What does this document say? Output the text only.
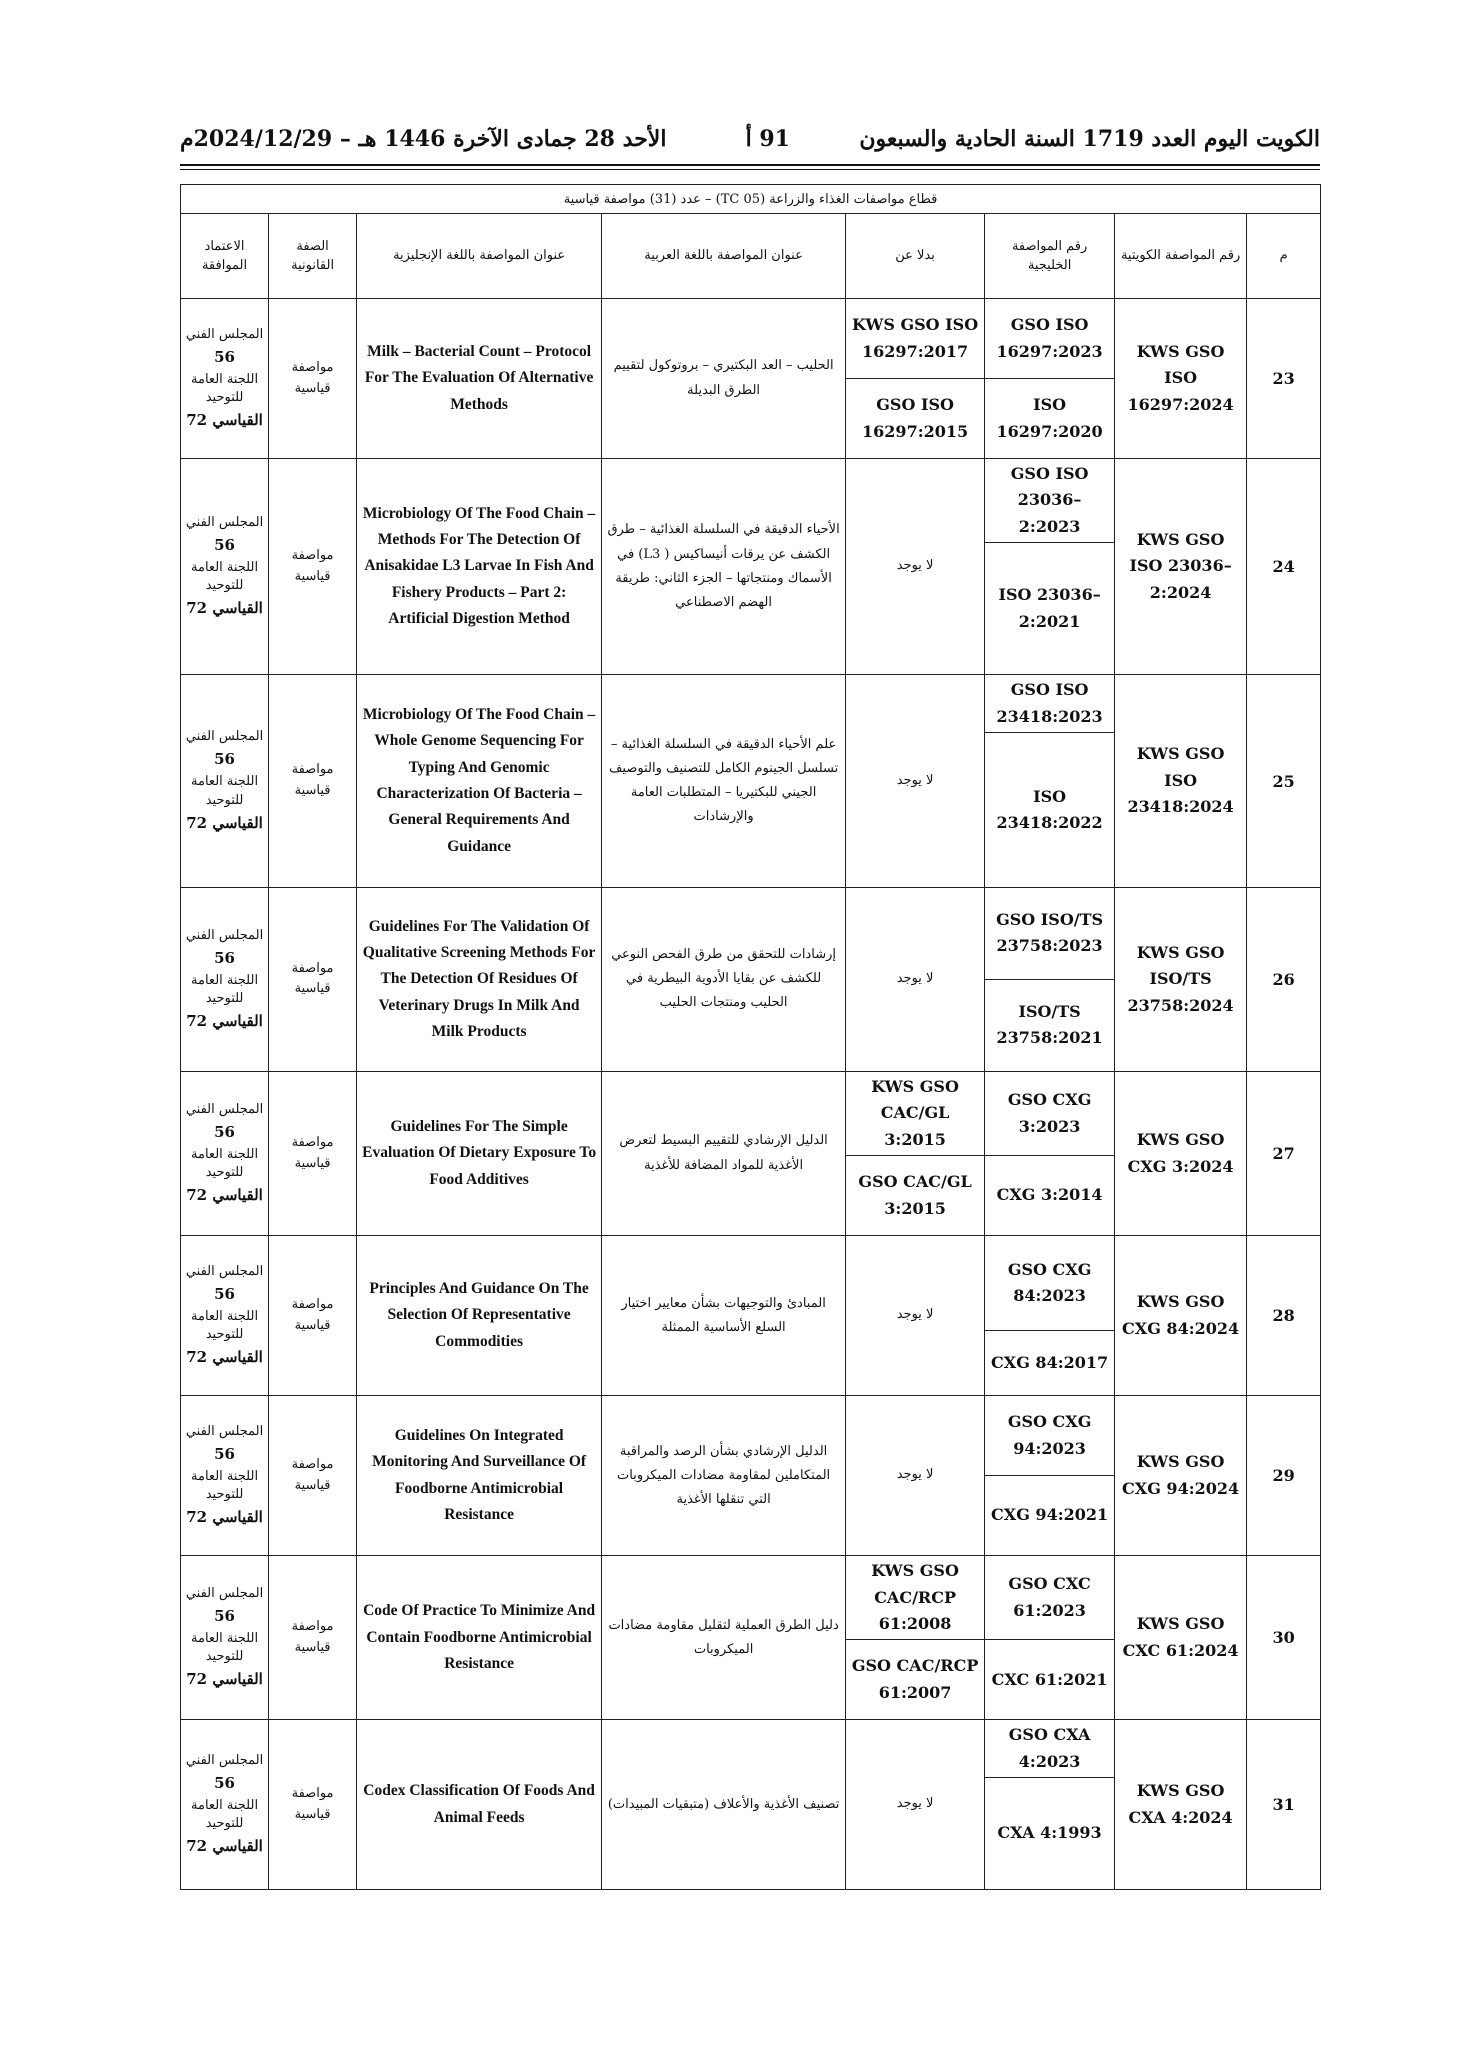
الكويت اليوم العدد 1719 السنة الحادية والسبعون
91 أ
الأحد 28 جمادى الآخرة 1446 هـ – 2024/12/29م
قطاع مواصفات الغذاء والزراعة (TC 05) – عدد (31) مواصفة قياسية							
م	رقم المواصفة الكويتية	رقم المواصفة الخليجية	بدلا عن	عنوان المواصفة باللغة العربية	عنوان المواصفة باللغة الإنجليزية	الصفة القانونية	الاعتماد الموافقة
23	KWS GSO ISO 16297:2024	GSO ISO 16297:2023	KWS GSO ISO 16297:2017	الحليب – العد البكتيري – بروتوكول لتقييم الطرق البديلة	Milk – Bacterial Count – Protocol For The Evaluation Of Alternative Methods	مواصفة قياسية	المجلس الفني
56
اللجنة العامة للتوحيد
القياسي 72

		ISO 16297:2020	GSO ISO 16297:2015				
24	KWS GSO ISO 23036–2:2024	GSO ISO 23036–2:2023	لا يوجد	الأحياء الدقيقة في السلسلة الغذائية – طرق الكشف عن يرقات أنيساكيس ( L3) في الأسماك ومنتجاتها – الجزء الثاني: طريقة الهضم الاصطناعي	Microbiology Of The Food Chain – Methods For The Detection Of Anisakidae L3 Larvae In Fish And Fishery Products – Part 2: Artificial Digestion Method	مواصفة قياسية	المجلس الفني
56
اللجنة العامة للتوحيد
القياسي 72

		ISO 23036–2:2021					
25	KWS GSO ISO 23418:2024	GSO ISO 23418:2023	لا يوجد	علم الأحياء الدقيقة في السلسلة الغذائية – تسلسل الجينوم الكامل للتصنيف والتوصيف الجيني للبكتيريا – المتطلبات العامة والإرشادات	Microbiology Of The Food Chain – Whole Genome Sequencing For Typing And Genomic Characterization Of Bacteria – General Requirements And Guidance	مواصفة قياسية	المجلس الفني
56
اللجنة العامة للتوحيد
القياسي 72

		ISO 23418:2022					
26	KWS GSO ISO/TS 23758:2024	GSO ISO/TS 23758:2023	لا يوجد	إرشادات للتحقق من طرق الفحص النوعي للكشف عن بقايا الأدوية البيطرية في الحليب ومنتجات الحليب	Guidelines For The Validation Of Qualitative Screening Methods For The Detection Of Residues Of Veterinary Drugs In Milk And Milk Products	مواصفة قياسية	المجلس الفني
56
اللجنة العامة للتوحيد
القياسي 72

		ISO/TS 23758:2021					
27	KWS GSO CXG 3:2024	GSO CXG 3:2023	KWS GSO CAC/GL 3:2015	الدليل الإرشادي للتقييم البسيط لتعرض الأغذية للمواد المضافة للأغذية	Guidelines For The Simple Evaluation Of Dietary Exposure To Food Additives	مواصفة قياسية	المجلس الفني
56
اللجنة العامة للتوحيد
القياسي 72

		CXG 3:2014	GSO CAC/GL 3:2015				
28	KWS GSO CXG 84:2024	GSO CXG 84:2023	لا يوجد	المبادئ والتوجيهات بشأن معايير اختيار السلع الأساسية الممثلة	Principles And Guidance On The Selection Of Representative Commodities	مواصفة قياسية	المجلس الفني
56
اللجنة العامة للتوحيد
القياسي 72

		CXG 84:2017					
29	KWS GSO CXG 94:2024	GSO CXG 94:2023	لا يوجد	الدليل الإرشادي بشأن الرصد والمراقبة المتكاملين لمقاومة مضادات الميكروبات التي تنقلها الأغذية	Guidelines On Integrated Monitoring And Surveillance Of Foodborne Antimicrobial Resistance	مواصفة قياسية	المجلس الفني
56
اللجنة العامة للتوحيد
القياسي 72

		CXG 94:2021					
30	KWS GSO CXC 61:2024	GSO CXC 61:2023	KWS GSO CAC/RCP 61:2008	دليل الطرق العملية لتقليل مقاومة مضادات الميكروبات	Code Of Practice To Minimize And Contain Foodborne Antimicrobial Resistance	مواصفة قياسية	المجلس الفني
56
اللجنة العامة للتوحيد
القياسي 72

		CXC 61:2021	GSO CAC/RCP 61:2007				
31	KWS GSO CXA 4:2024	GSO CXA 4:2023	لا يوجد	تصنيف الأغذية والأعلاف (متبقيات المبيدات)	Codex Classification Of Foods And Animal Feeds	مواصفة قياسية	المجلس الفني
56
اللجنة العامة للتوحيد
القياسي 72

		CXA 4:1993					
